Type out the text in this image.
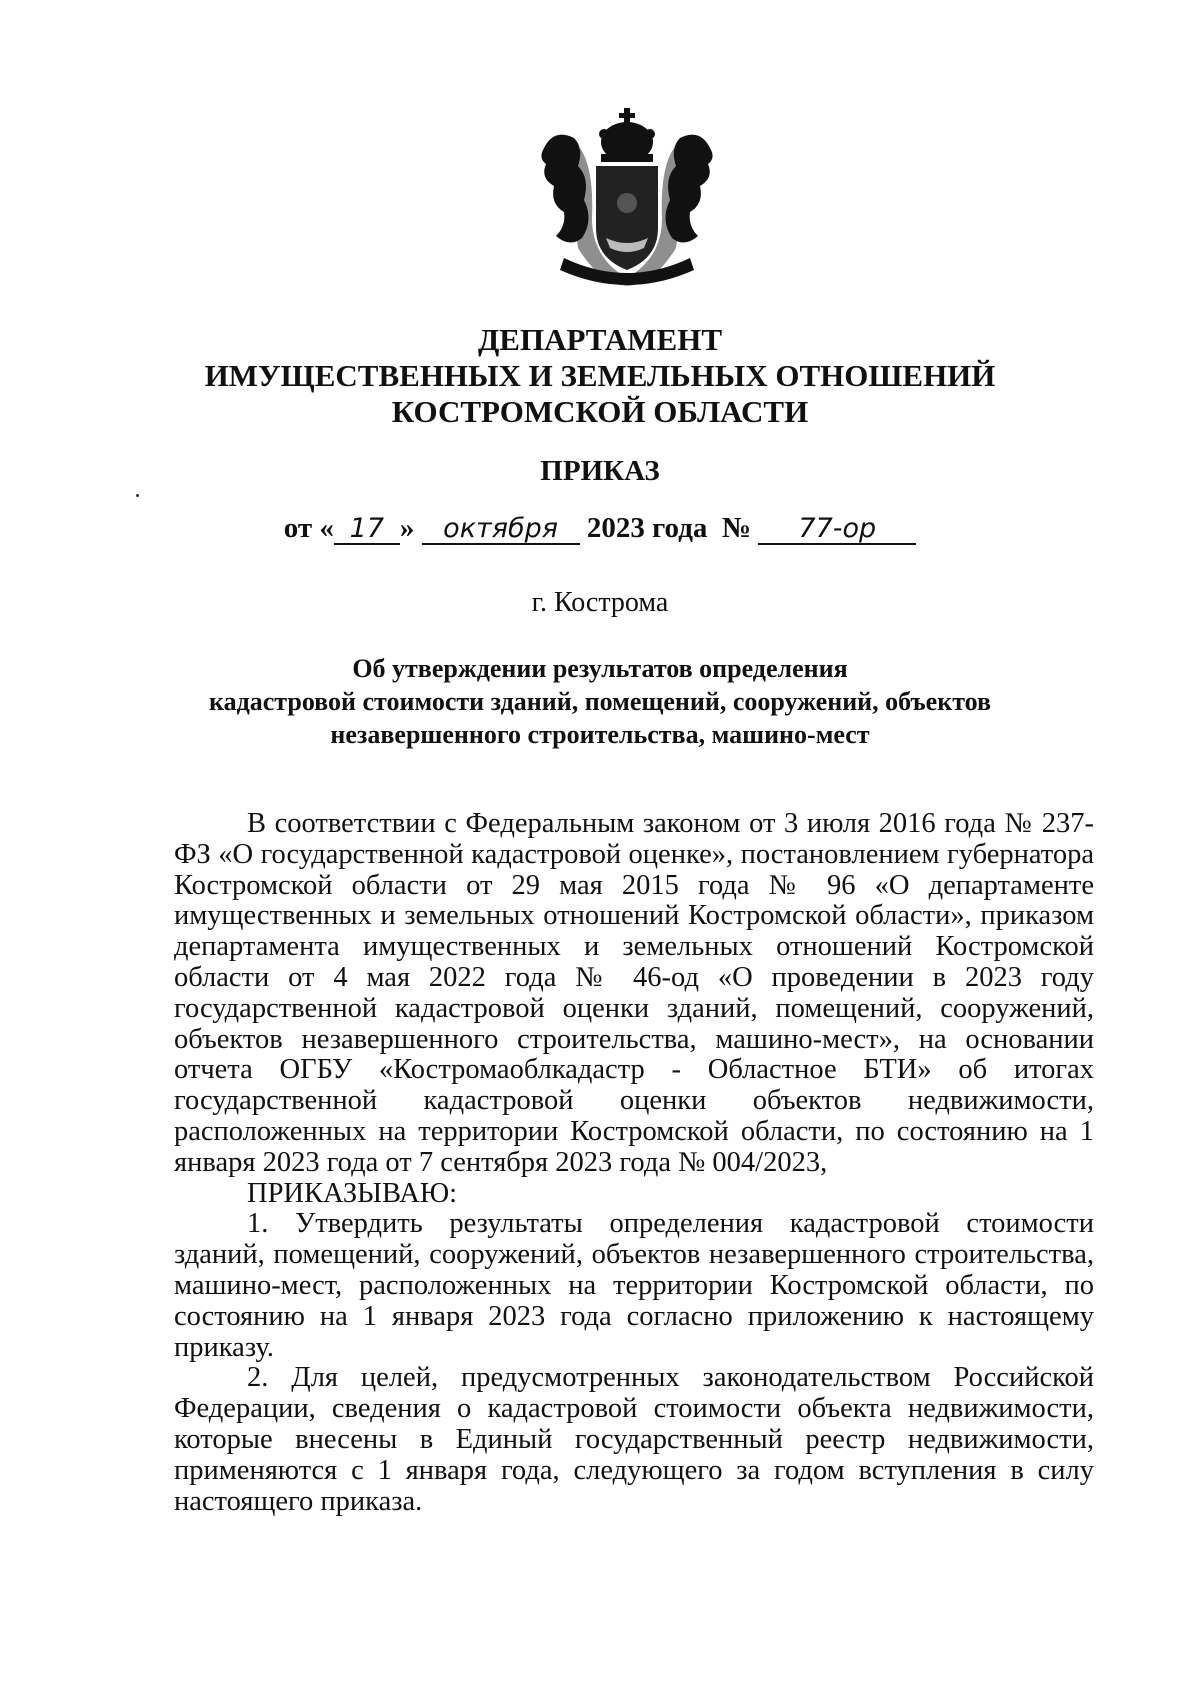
ДЕПАРТАМЕНТ
ИМУЩЕСТВЕННЫХ И ЗЕМЕЛЬНЫХ ОТНОШЕНИЙ
КОСТРОМСКОЙ ОБЛАСТИ
ПРИКАЗ
от « 17 » октября 2023 года № 77-ор
г. Кострома
Об утверждении результатов определения
кадастровой стоимости зданий, помещений, сооружений, объектов
незавершенного строительства, машино-мест

В соответствии с Федеральным законом от 3 июля 2016 года № 237-ФЗ «О государственной кадастровой оценке», постановлением губернатора Костромской области от 29 мая 2015 года № 96 «О департаменте имущественных и земельных отношений Костромской области», приказом департамента имущественных и земельных отношений Костромской области от 4 мая 2022 года № 46-од «О проведении в 2023 году государственной кадастровой оценки зданий, помещений, сооружений, объектов незавершенного строительства, машино-мест», на основании отчета ОГБУ «Костромаоблкадастр - Областное БТИ» об итогах государственной кадастровой оценки объектов недвижимости, расположенных на территории Костромской области, по состоянию на 1 января 2023 года от 7 сентября 2023 года № 004/2023,

ПРИКАЗЫВАЮ:

1. Утвердить результаты определения кадастровой стоимости зданий, помещений, сооружений, объектов незавершенного строительства, машино-мест, расположенных на территории Костромской области, по состоянию на 1 января 2023 года согласно приложению к настоящему приказу.

2. Для целей, предусмотренных законодательством Российской Федерации, сведения о кадастровой стоимости объекта недвижимости, которые внесены в Единый государственный реестр недвижимости, применяются с 1 января года, следующего за годом вступления в силу настоящего приказа.
